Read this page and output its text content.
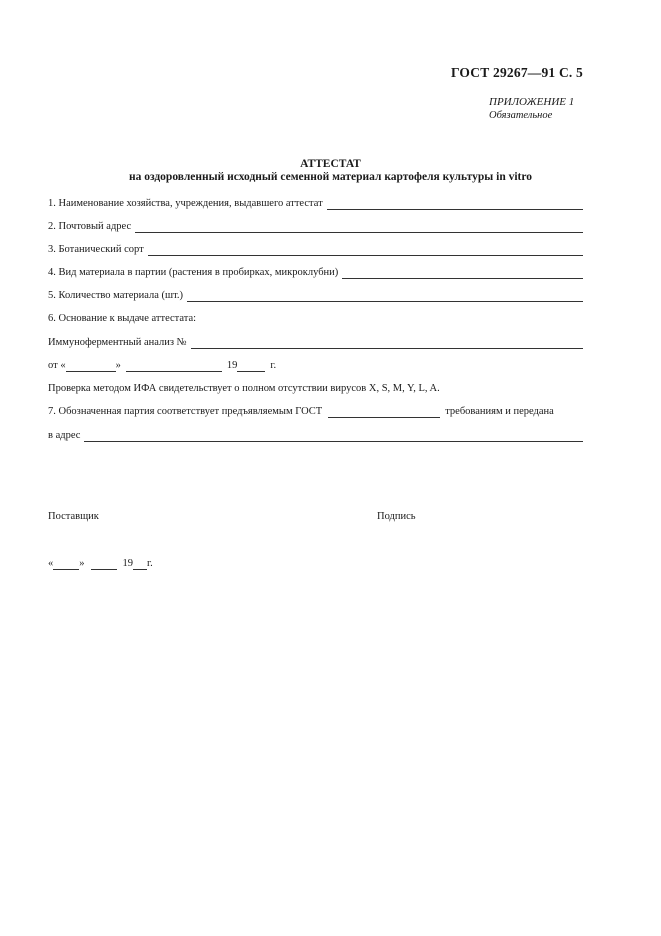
ГОСТ 29267—91 С. 5
ПРИЛОЖЕНИЕ 1
Обязательное
АТТЕСТАТ
на оздоровленный исходный семенной материал картофеля культуры in vitro
1. Наименование хозяйства, учреждения, выдавшего аттестат
2. Почтовый адрес
3. Ботанический сорт
4. Вид материала в партии (растения в пробирках, микроклубни)
5. Количество материала (шт.)
6. Основание к выдаче аттестата:
Иммуноферментный анализ №
от «	»	19	г.
Проверка методом ИФА свидетельствует о полном отсутствии вирусов X, S, M, Y, L, A.
7. Обозначенная партия соответствует предъявляемым ГОСТ	требованиям и передана
в адрес
Поставщик	Подпись
« »	19 г.
